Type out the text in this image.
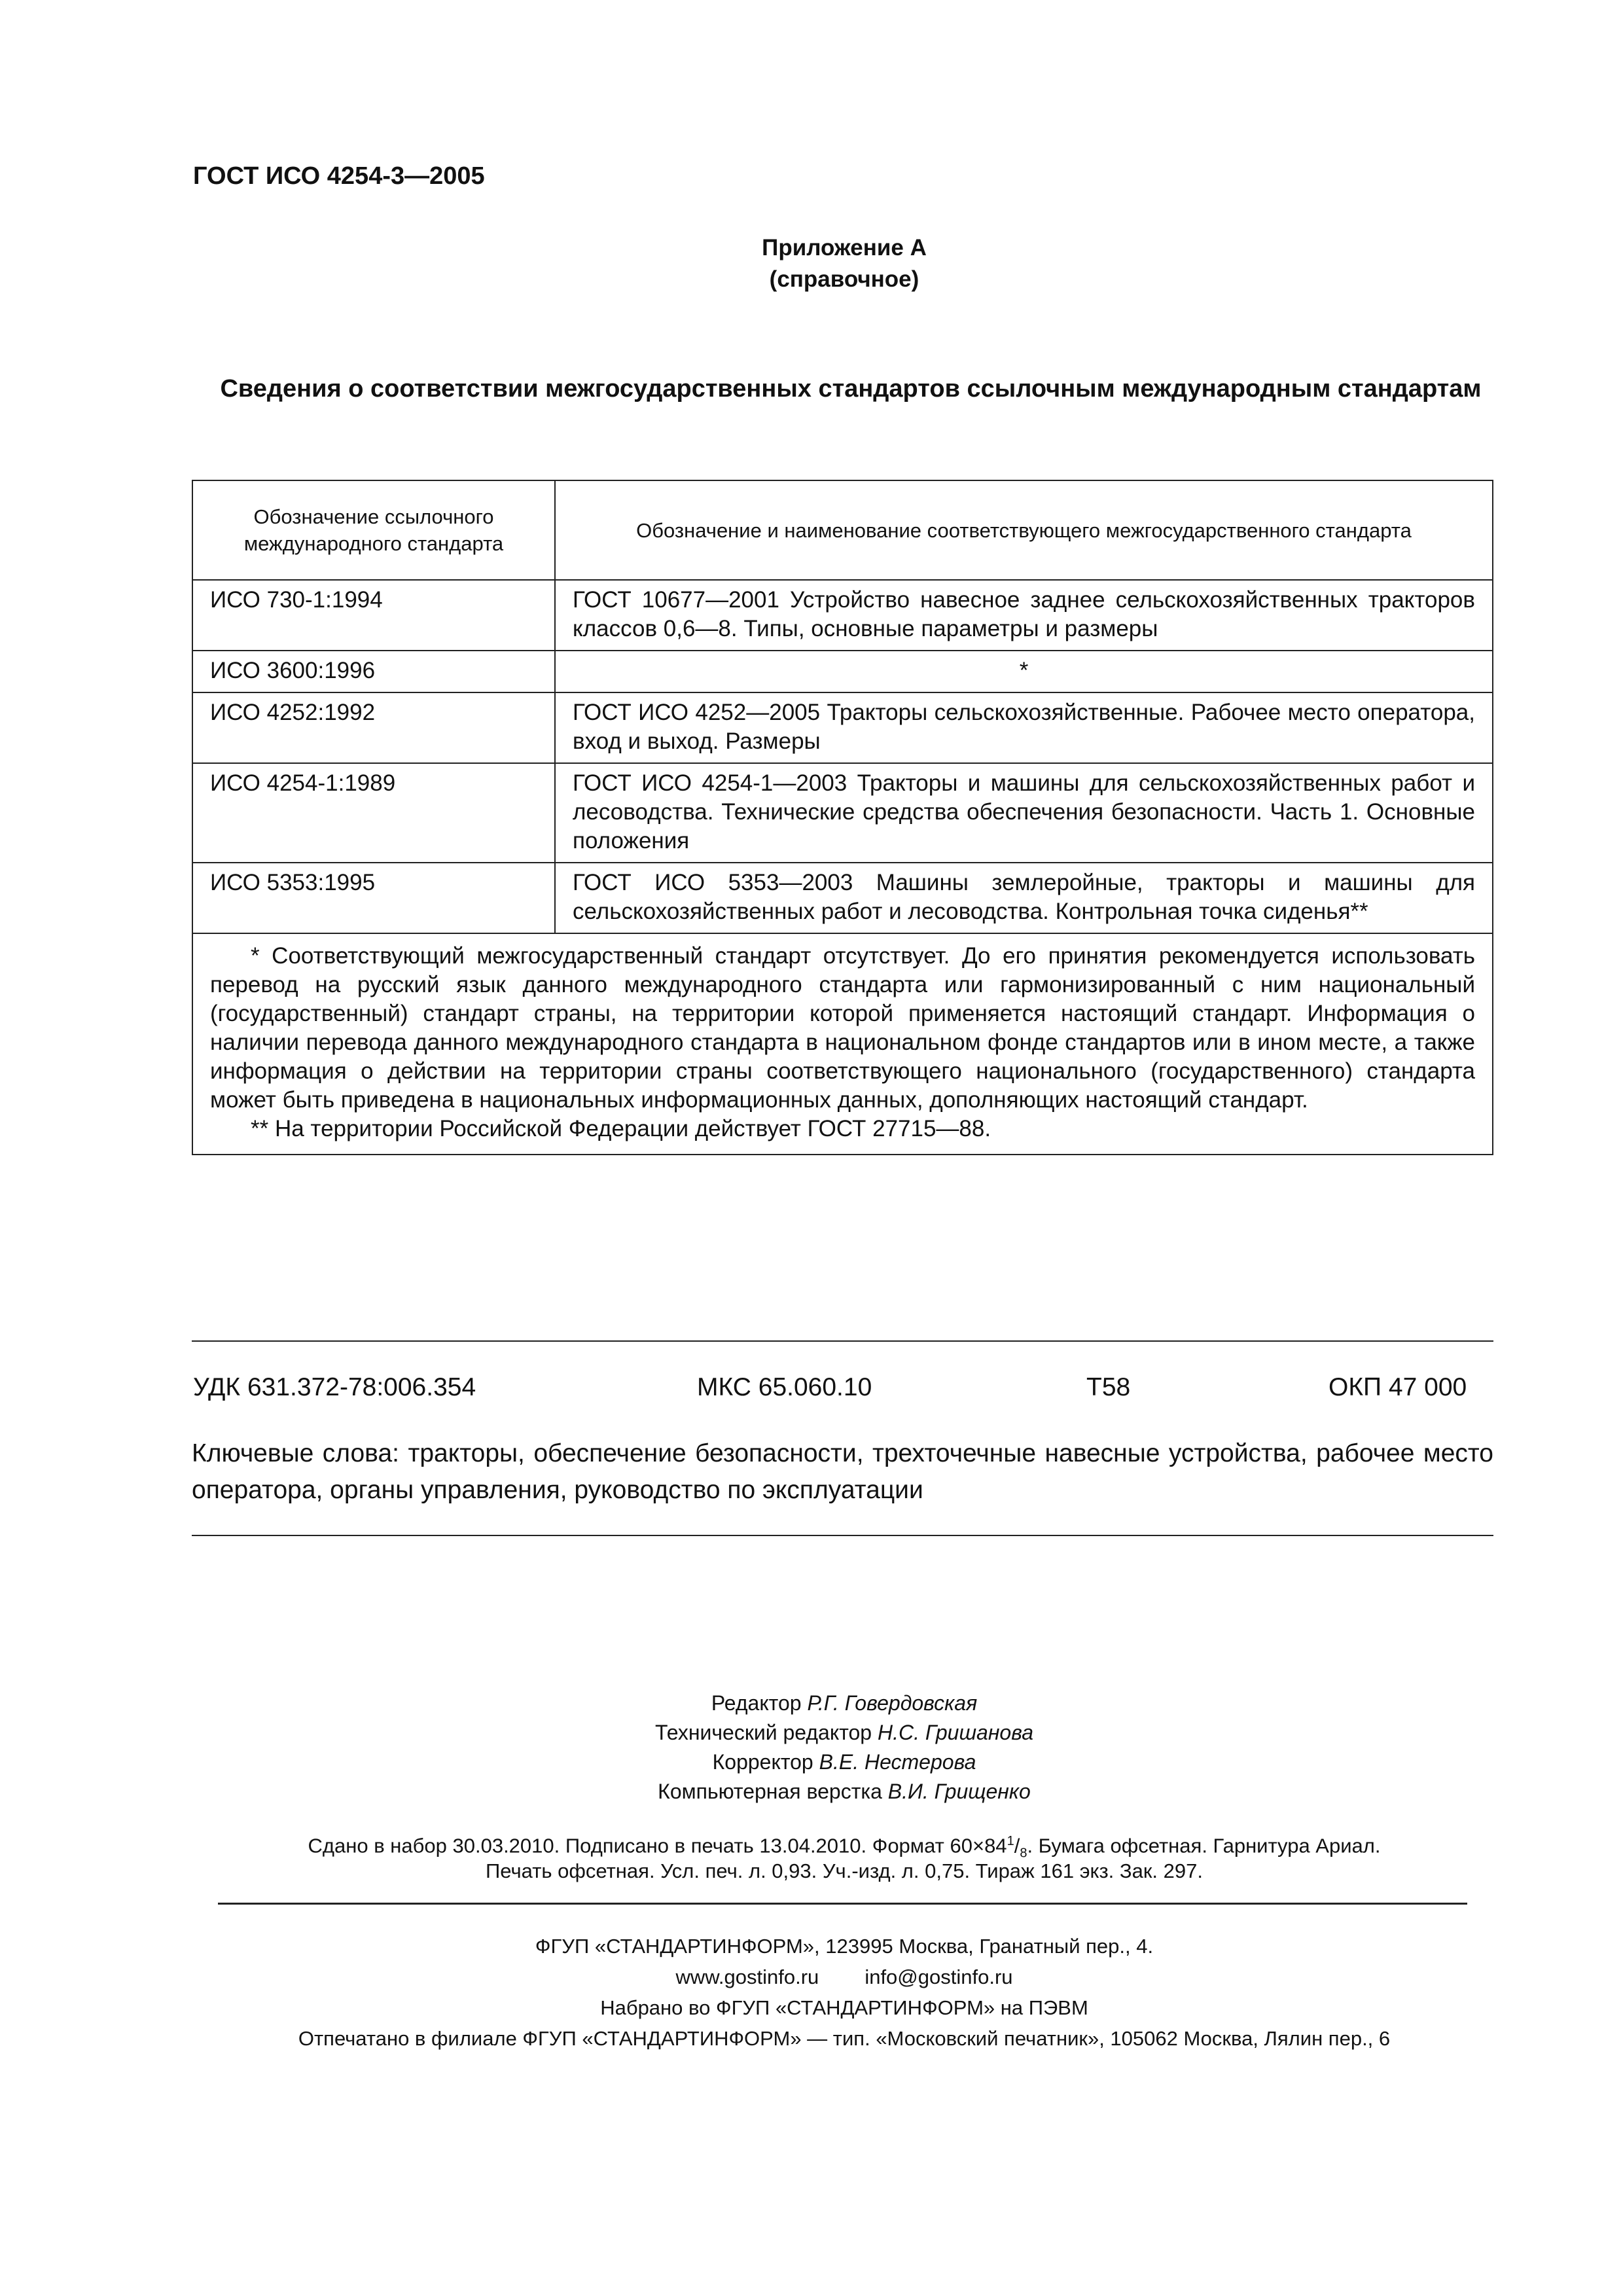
ГОСТ ИСО 4254-3—2005
Приложение А
(справочное)
Сведения о соответствии межгосударственных стандартов ссылочным международным стандартам
Обозначение ссылочного международного стандарта	Обозначение и наименование соответствующего межгосударственного стандарта
ИСО 730-1:1994	ГОСТ 10677—2001 Устройство навесное заднее сельскохозяйственных тракторов классов 0,6—8. Типы, основные параметры и размеры
ИСО 3600:1996	*
ИСО 4252:1992	ГОСТ ИСО 4252—2005 Тракторы сельскохозяйственные. Рабочее место оператора, вход и выход. Размеры
ИСО 4254-1:1989	ГОСТ ИСО 4254-1—2003 Тракторы и машины для сельскохозяйственных работ и лесоводства. Технические средства обеспечения безопасности. Часть 1. Основные положения
ИСО 5353:1995	ГОСТ ИСО 5353—2003 Машины землеройные, тракторы и машины для сельскохозяйственных работ и лесоводства. Контрольная точка сиденья**

* Соответствующий межгосударственный стандарт отсутствует. До его принятия рекомендуется использовать перевод на русский язык данного международного стандарта или гармонизированный с ним национальный (государственный) стандарт страны, на территории которой применяется настоящий стандарт. Информация о наличии перевода данного международного стандарта в национальном фонде стандартов или в ином месте, а также информация о действии на территории страны соответствующего национального (государственного) стандарта может быть приведена в национальных информационных данных, дополняющих настоящий стандарт.

** На территории Российской Федерации действует ГОСТ 27715—88.	

УДК 631.372-78:006.354	МКС 65.060.10	Т58	ОКП 47 000
Ключевые слова: тракторы, обеспечение безопасности, трехточечные навесные устройства, рабочее место оператора, органы управления, руководство по эксплуатации
Редактор Р.Г. Говердовская
Технический редактор Н.С. Гришанова
Корректор В.Е. Нестерова
Компьютерная верстка В.И. Грищенко
Сдано в набор 30.03.2010. Подписано в печать 13.04.2010. Формат $60\times 84^1/_8$. Бумага офсетная. Гарнитура Ариал.
Печать офсетная. Усл. печ. л. 0,93. Уч.-изд. л. 0,75. Тираж 161 экз. Зак. 297.
ФГУП «СТАНДАРТИНФОРМ», 123995 Москва, Гранатный пер., 4.
www.gostinfo.ru info@gostinfo.ru
Набрано во ФГУП «СТАНДАРТИНФОРМ» на ПЭВМ
Отпечатано в филиале ФГУП «СТАНДАРТИНФОРМ» — тип. «Московский печатник», 105062 Москва, Лялин пер., 6
